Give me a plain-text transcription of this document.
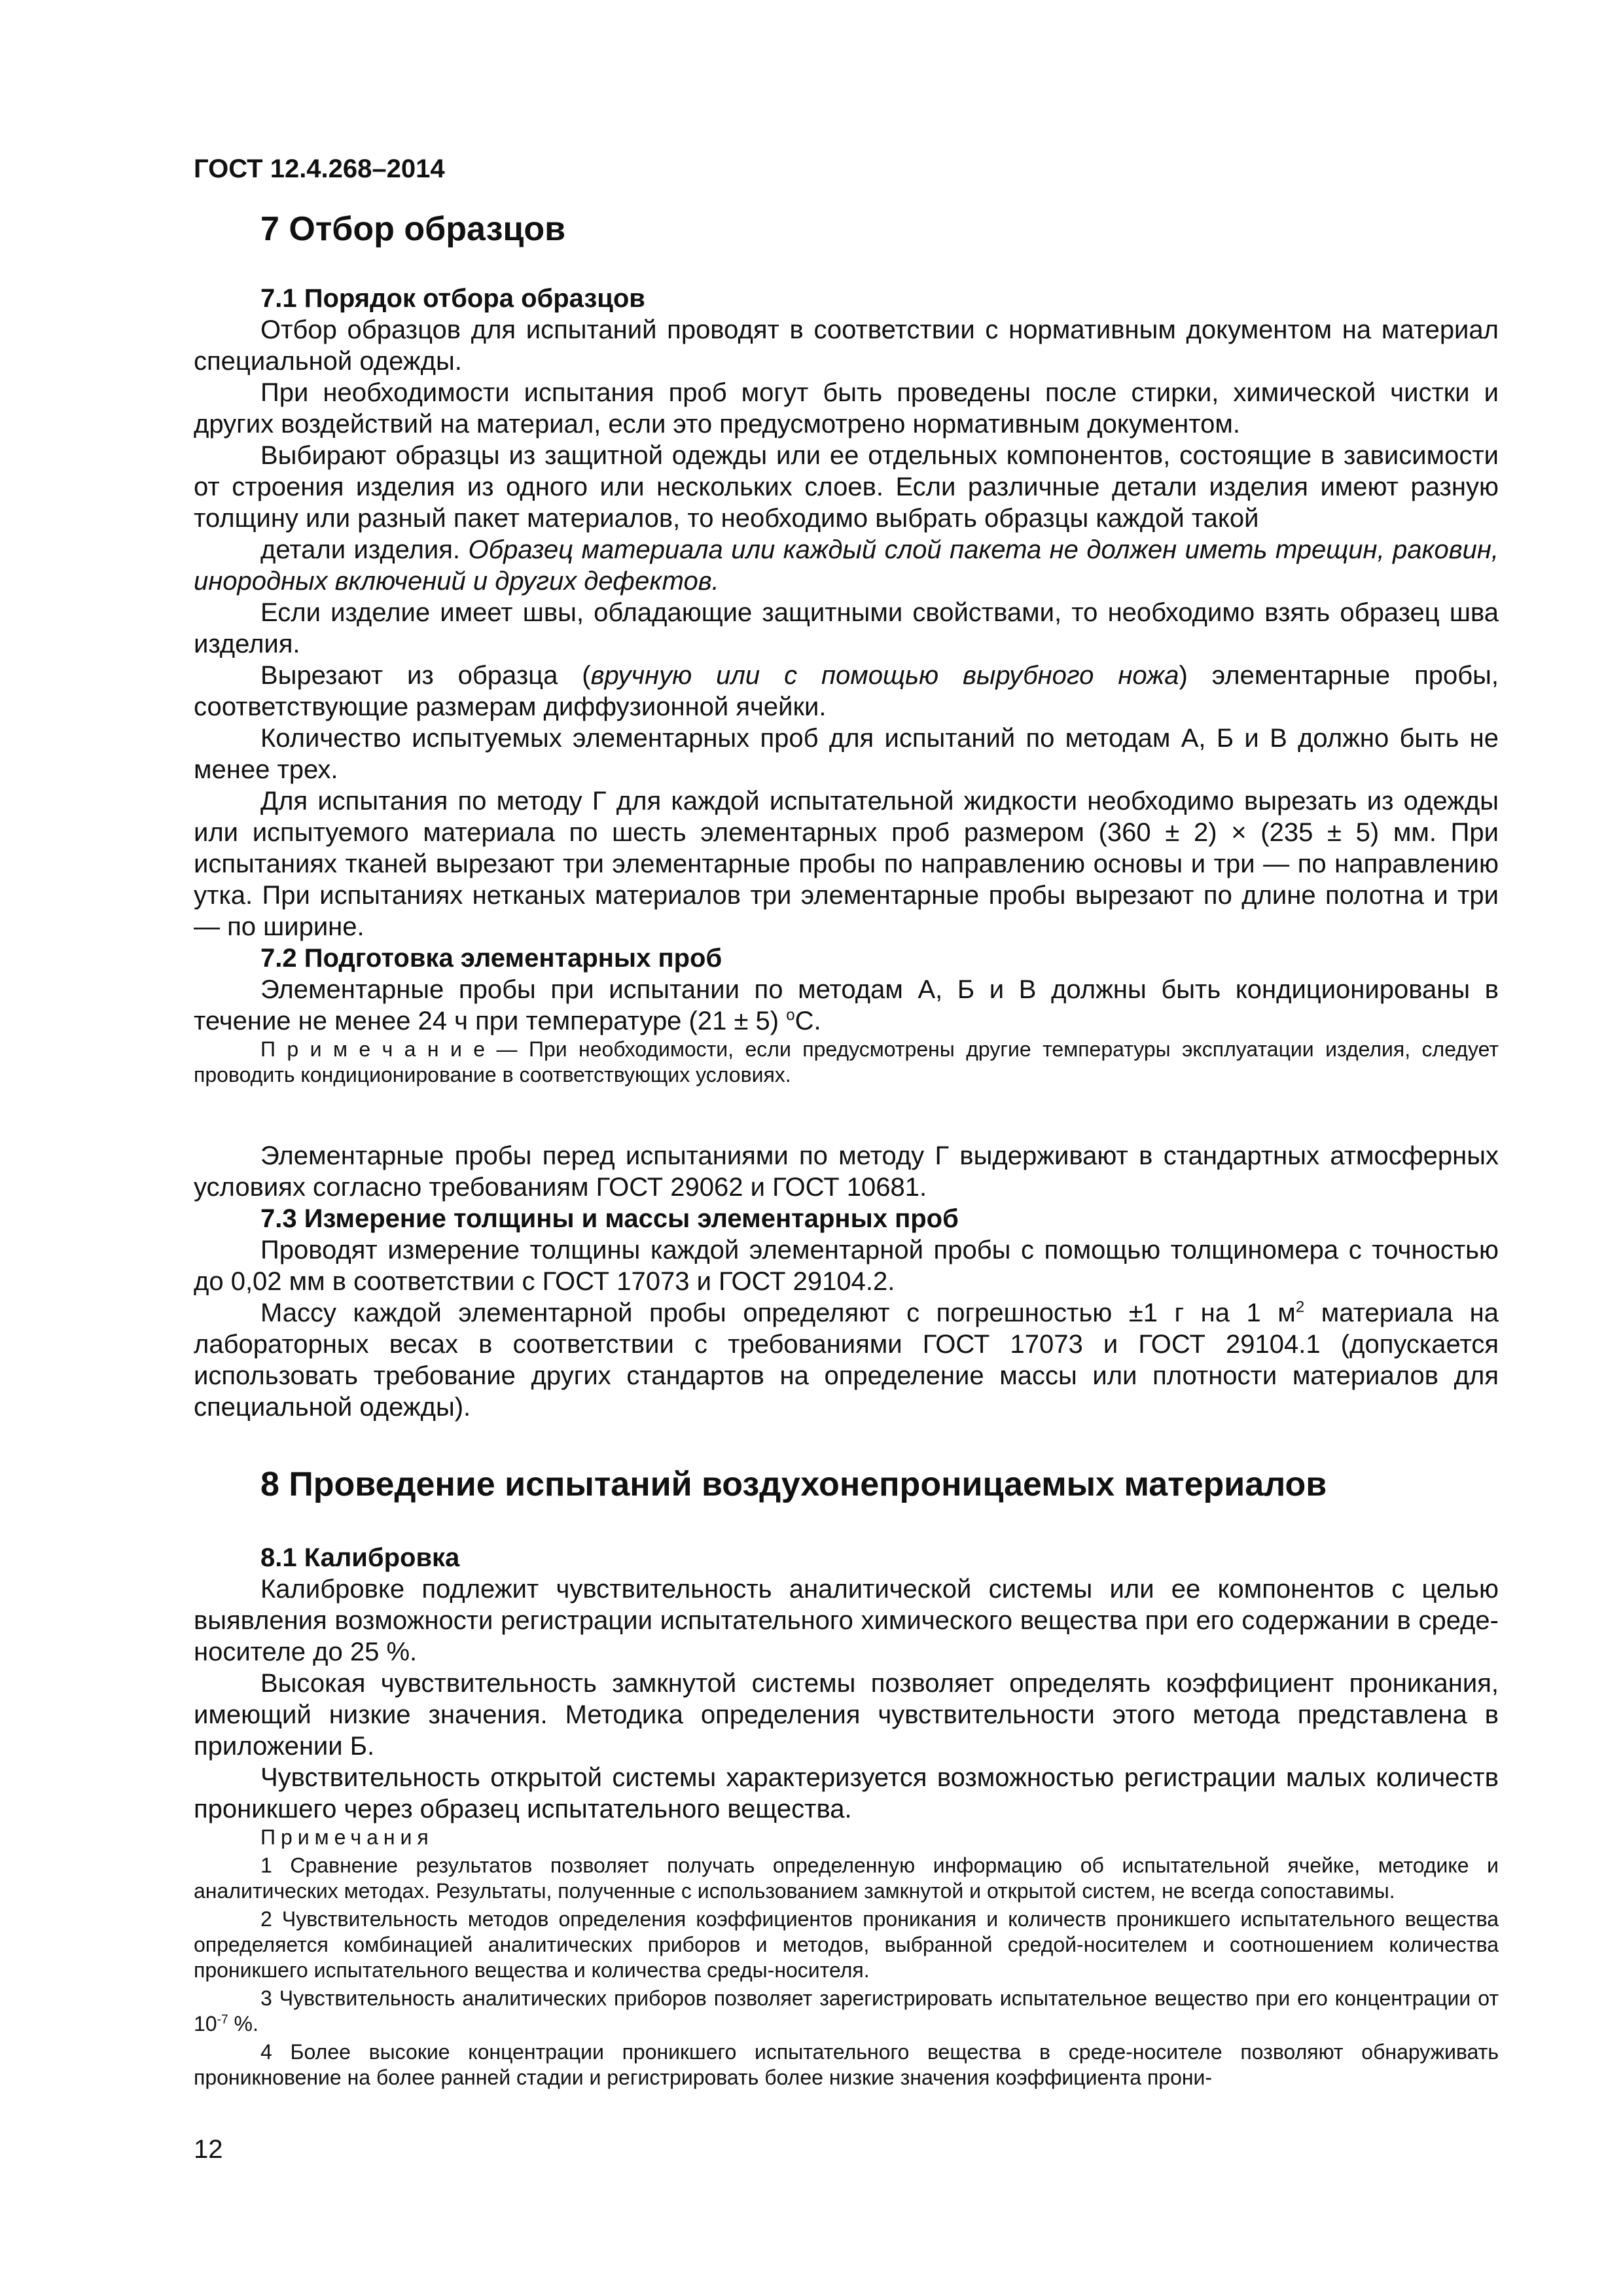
ГОСТ 12.4.268–2014
7 Отбор образцов
7.1 Порядок отбора образцов

Отбор образцов для испытаний проводят в соответствии с нормативным документом на материал специальной одежды.

При необходимости испытания проб могут быть проведены после стирки, химической чистки и других воздействий на материал, если это предусмотрено нормативным документом.

Выбирают образцы из защитной одежды или ее отдельных компонентов, состоящие в зависимости от строения изделия из одного или нескольких слоев. Если различные детали изделия имеют разную толщину или разный пакет материалов, то необходимо выбрать образцы каждой такой

детали изделия. Образец материала или каждый слой пакета не должен иметь трещин, раковин, инородных включений и других дефектов.

Если изделие имеет швы, обладающие защитными свойствами, то необходимо взять образец шва изделия.

Вырезают из образца (вручную или с помощью вырубного ножа) элементарные пробы, соответствующие размерам диффузионной ячейки.

Количество испытуемых элементарных проб для испытаний по методам А, Б и В должно быть не менее трех.

Для испытания по методу Г для каждой испытательной жидкости необходимо вырезать из одежды или испытуемого материала по шесть элементарных проб размером (360 ± 2) × (235 ± 5) мм. При испытаниях тканей вырезают три элементарные пробы по направлению основы и три — по направлению утка. При испытаниях нетканых материалов три элементарные пробы вырезают по длине полотна и три — по ширине.

7.2 Подготовка элементарных проб

Элементарные пробы при испытании по методам А, Б и В должны быть кондиционированы в течение не менее 24 ч при температуре (21 ± 5) $^o$С.

П р и м е ч а н и е — При необходимости, если предусмотрены другие температуры эксплуатации изделия, следует проводить кондиционирование в соответствующих условиях.

Элементарные пробы перед испытаниями по методу Г выдерживают в стандартных атмосферных условиях согласно требованиям ГОСТ 29062 и ГОСТ 10681.

7.3 Измерение толщины и массы элементарных проб

Проводят измерение толщины каждой элементарной пробы с помощью толщиномера с точностью до 0,02 мм в соответствии с ГОСТ 17073 и ГОСТ 29104.2.

Массу каждой элементарной пробы определяют с погрешностью ±1 г на 1 $м^2$ материала на лабораторных весах в соответствии с требованиями ГОСТ 17073 и ГОСТ 29104.1 (допускается использовать требование других стандартов на определение массы или плотности материалов для специальной одежды).

8 Проведение испытаний воздухонепроницаемых материалов
8.1 Калибровка

Калибровке подлежит чувствительность аналитической системы или ее компонентов с целью выявления возможности регистрации испытательного химического вещества при его содержании в среде-носителе до 25 %.

Высокая чувствительность замкнутой системы позволяет определять коэффициент проникания, имеющий низкие значения. Методика определения чувствительности этого метода представлена в приложении Б.

Чувствительность открытой системы характеризуется возможностью регистрации малых количеств проникшего через образец испытательного вещества.

Примечания
1 Сравнение результатов позволяет получать определенную информацию об испытательной ячейке, методике и аналитических методах. Результаты, полученные с использованием замкнутой и открытой систем, не всегда сопоставимы.
2 Чувствительность методов определения коэффициентов проникания и количеств проникшего испытательного вещества определяется комбинацией аналитических приборов и методов, выбранной средой-носителем и соотношением количества проникшего испытательного вещества и количества среды-носителя.
3 Чувствительность аналитических приборов позволяет зарегистрировать испытательное вещество при его концентрации от $10^{-7}$ %.
4 Более высокие концентрации проникшего испытательного вещества в среде-носителе позволяют обнаруживать проникновение на более ранней стадии и регистрировать более низкие значения коэффициента прони-
12
